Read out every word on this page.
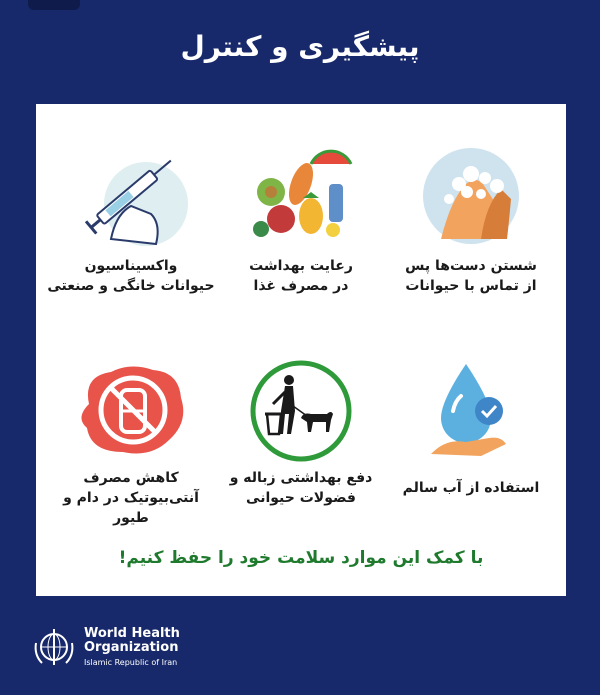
پیشگیری و کنترل
شستن دست‌ها پس
از تماس با حیوانات
رعایت بهداشت
در مصرف غذا
واکسیناسیون
حیوانات خانگی و صنعتی
استفاده از آب سالم
دفع بهداشتی زباله و
فضولات حیوانی
کاهش مصرف
آنتی‌بیوتیک در دام و طیور
با کمک این موارد سلامت خود را حفظ کنیم!
World Health
Organization
Islamic Republic of Iran
